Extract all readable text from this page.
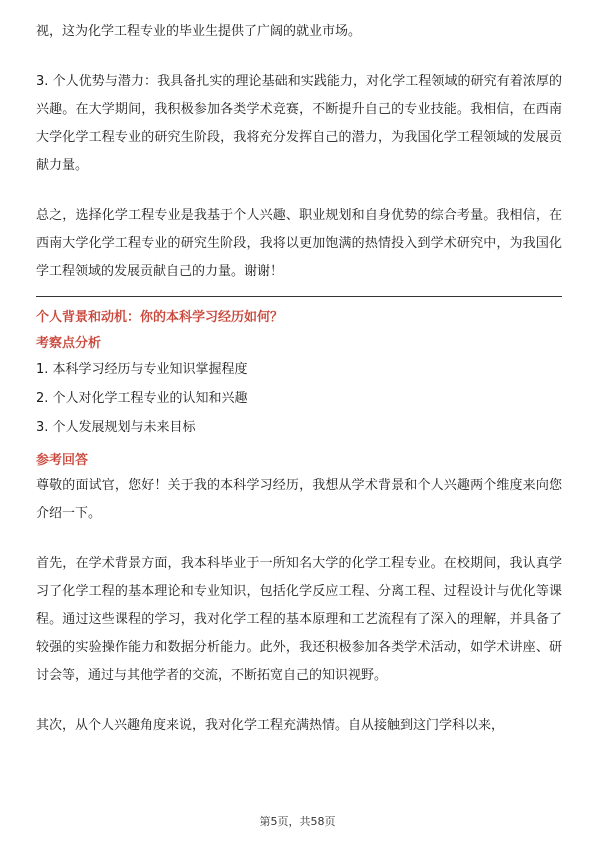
视，这为化学工程专业的毕业生提供了广阔的就业市场。

3. 个人优势与潜力：我具备扎实的理论基础和实践能力，对化学工程领域的研究有着浓厚的兴趣。在大学期间，我积极参加各类学术竞赛，不断提升自己的专业技能。我相信，在西南大学化学工程专业的研究生阶段，我将充分发挥自己的潜力，为我国化学工程领域的发展贡献力量。

总之，选择化学工程专业是我基于个人兴趣、职业规划和自身优势的综合考量。我相信，在西南大学化学工程专业的研究生阶段，我将以更加饱满的热情投入到学术研究中，为我国化学工程领域的发展贡献自己的力量。谢谢！

个人背景和动机：你的本科学习经历如何？
考察点分析
1. 本科学习经历与专业知识掌握程度
2. 个人对化学工程专业的认知和兴趣
3. 个人发展规划与未来目标
参考回答

尊敬的面试官，您好！关于我的本科学习经历，我想从学术背景和个人兴趣两个维度来向您介绍一下。

首先，在学术背景方面，我本科毕业于一所知名大学的化学工程专业。在校期间，我认真学习了化学工程的基本理论和专业知识，包括化学反应工程、分离工程、过程设计与优化等课程。通过这些课程的学习，我对化学工程的基本原理和工艺流程有了深入的理解，并具备了较强的实验操作能力和数据分析能力。此外，我还积极参加各类学术活动，如学术讲座、研讨会等，通过与其他学者的交流，不断拓宽自己的知识视野。

其次，从个人兴趣角度来说，我对化学工程充满热情。自从接触到这门学科以来，

第5页，共58页
